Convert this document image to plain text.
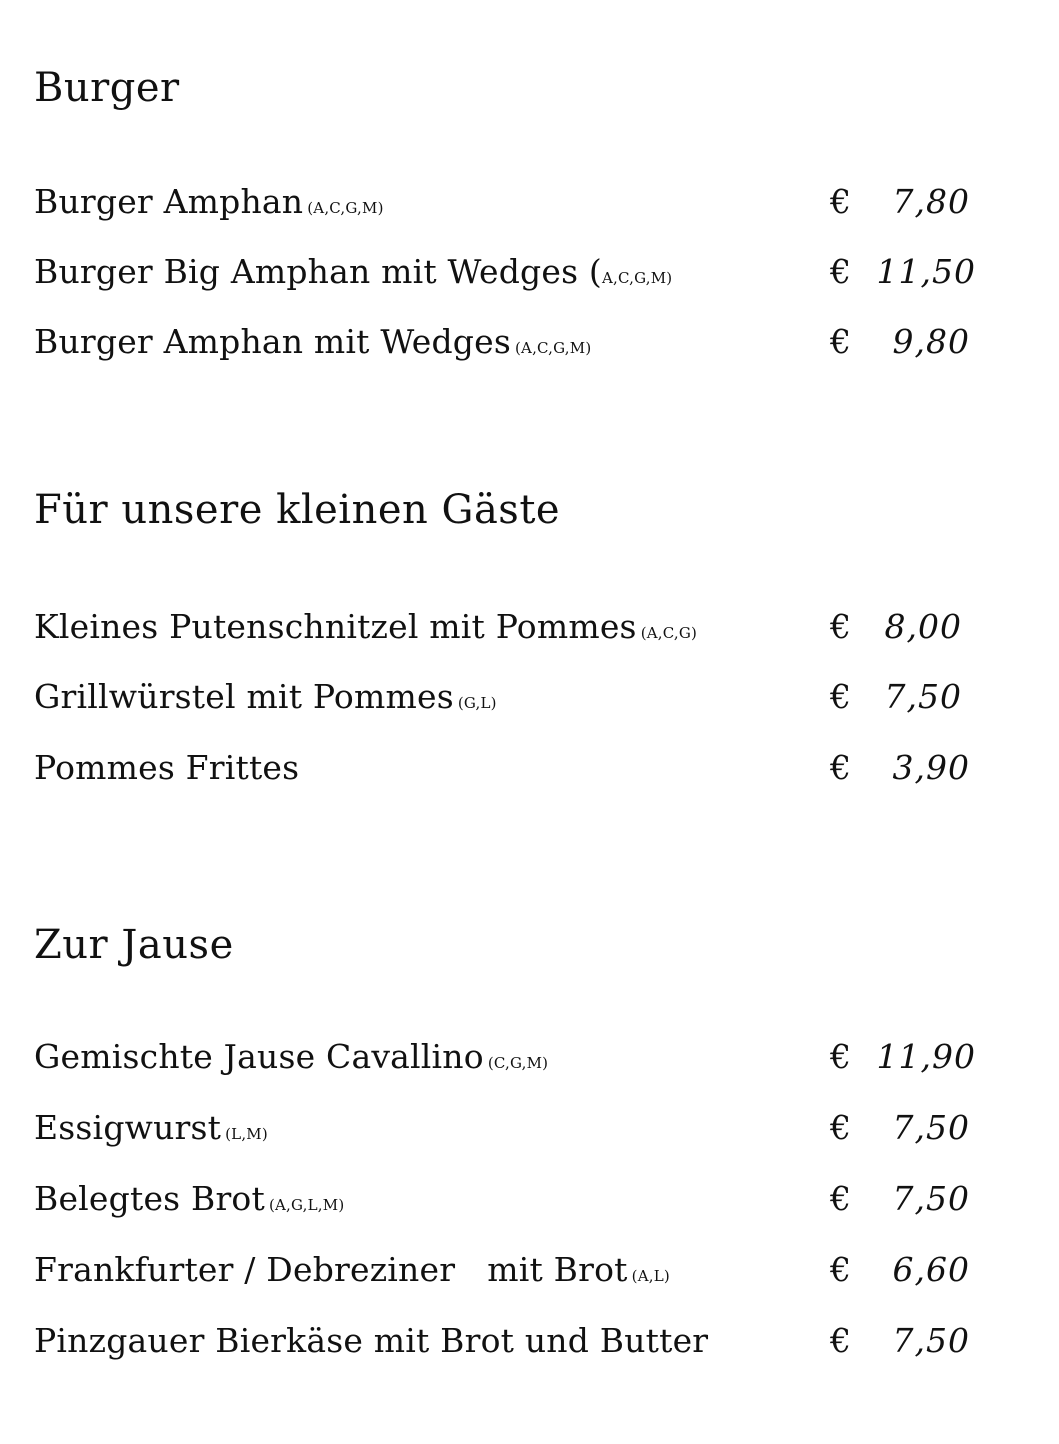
Burger
Burger Amphan (A,C,G,M)	€ 7,80
Burger Big Amphan mit Wedges (A,C,G,M)	€ 11,50
Burger Amphan mit Wedges (A,C,G,M)	€ 9,80
Für unsere kleinen Gäste
Kleines Putenschnitzel mit Pommes (A,C,G)	€ 8,00
Grillwürstel mit Pommes (G,L)	€ 7,50
Pommes Frittes	€ 3,90
Zur Jause
Gemischte Jause Cavallino (C,G,M)	€ 11,90
Essigwurst (L,M)	€ 7,50
Belegtes Brot (A,G,L,M)	€ 7,50
Frankfurter / Debreziner   mit Brot (A,L)	€ 6,60
Pinzgauer Bierkäse mit Brot und Butter	€ 7,50
